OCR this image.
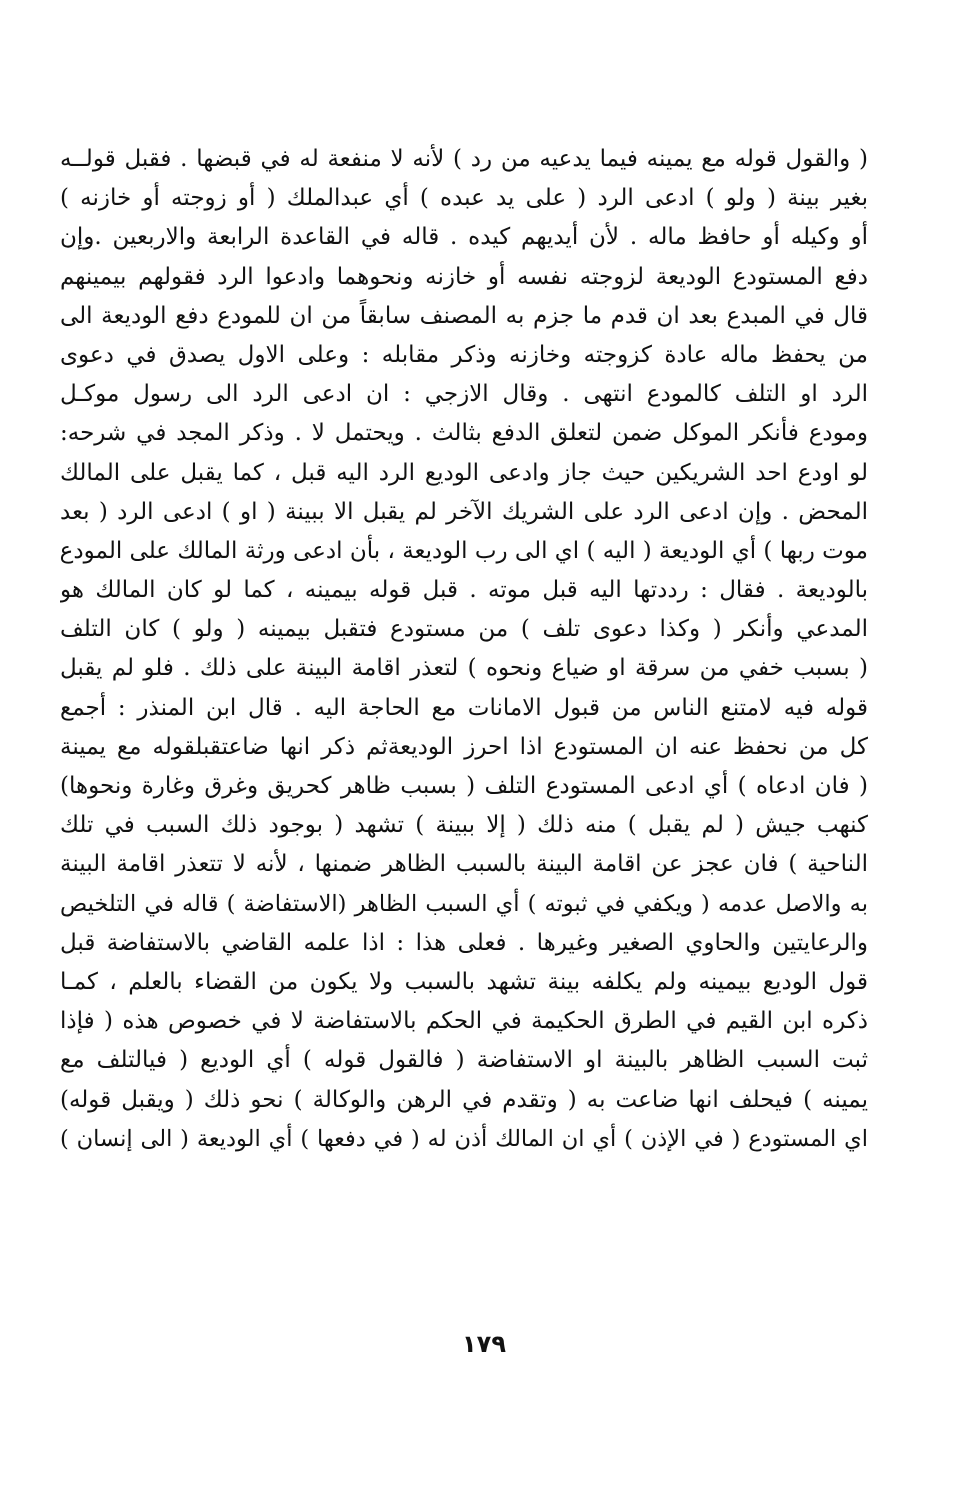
( والقول قوله مع يمينه فيما يدعيه من رد ) لأنه لا منفعة له في قبضها . فقبل قولــه
بغير بينة ( ولو ) ادعى الرد ( على يد عبده ) أي عبدالملك ( أو زوجته أو خازنه )
أو وكيله أو حافظ ماله . لأن أيديهم كيده . قاله في القاعدة الرابعة والاربعين .وإن
دفع المستودع الوديعة لزوجته نفسه أو خازنه ونحوهما وادعوا الرد فقولهم بيمينهم
قال في المبدع بعد ان قدم ما جزم به المصنف سابقاً من ان للمودع دفع الوديعة الى
من يحفظ ماله عادة كزوجته وخازنه وذكر مقابله : وعلى الاول يصدق في دعوى
الرد او التلف كالمودع انتهى . وقال الازجي : ان ادعى الرد الى رسول موكـل
ومودع فأنكر الموكل ضمن لتعلق الدفع بثالث . ويحتمل لا . وذكر المجد في شرحه:
لو اودع احد الشريكين حيث جاز وادعى الوديع الرد اليه قبل ، كما يقبل على المالك
المحض . وإن ادعى الرد على الشريك الآخر لم يقبل الا ببينة ( او ) ادعى الرد ( بعد
موت ربها ) أي الوديعة ( اليه ) اي الى رب الوديعة ، بأن ادعى ورثة المالك على المودع
بالوديعة . فقال : رددتها اليه قبل موته . قبل قوله بيمينه ، كما لو كان المالك هو
المدعي وأنكر ( وكذا دعوى تلف ) من مستودع فتقبل بيمينه ( ولو ) كان التلف
( بسبب خفي من سرقة او ضياع ونحوه ) لتعذر اقامة البينة على ذلك . فلو لم يقبل
قوله فيه لامتنع الناس من قبول الامانات مع الحاجة اليه . قال ابن المنذر : أجمع
كل من نحفظ عنه ان المستودع اذا احرز الوديعةثم ذكر انها ضاعتقبلقوله مع يمينة
( فان ادعاه ) أي ادعى المستودع التلف ( بسبب ظاهر كحريق وغرق وغارة ونحوها)
كنهب جيش ( لم يقبل ) منه ذلك ( إلا ببينة ) تشهد ( بوجود ذلك السبب في تلك
الناحية ) فان عجز عن اقامة البينة بالسبب الظاهر ضمنها ، لأنه لا تتعذر اقامة البينة
به والاصل عدمه ( ويكفي في ثبوته ) أي السبب الظاهر (الاستفاضة ) قاله في التلخيص
والرعايتين والحاوي الصغير وغيرها . فعلى هذا : اذا علمه القاضي بالاستفاضة قبل
قول الوديع بيمينه ولم يكلفه بينة تشهد بالسبب ولا يكون من القضاء بالعلم ، كمـا
ذكره ابن القيم في الطرق الحكيمة في الحكم بالاستفاضة لا في خصوص هذه ( فإذا
ثبت السبب الظاهر بالبينة او الاستفاضة ( فالقول قوله ) أي الوديع ( فيالتلف مع
يمينه ) فيحلف انها ضاعت به ( وتقدم في الرهن والوكالة ) نحو ذلك ( ويقبل قوله)
اي المستودع ( في الإذن ) أي ان المالك أذن له ( في دفعها ) أي الوديعة ( الى إنسان )
١٧٩
